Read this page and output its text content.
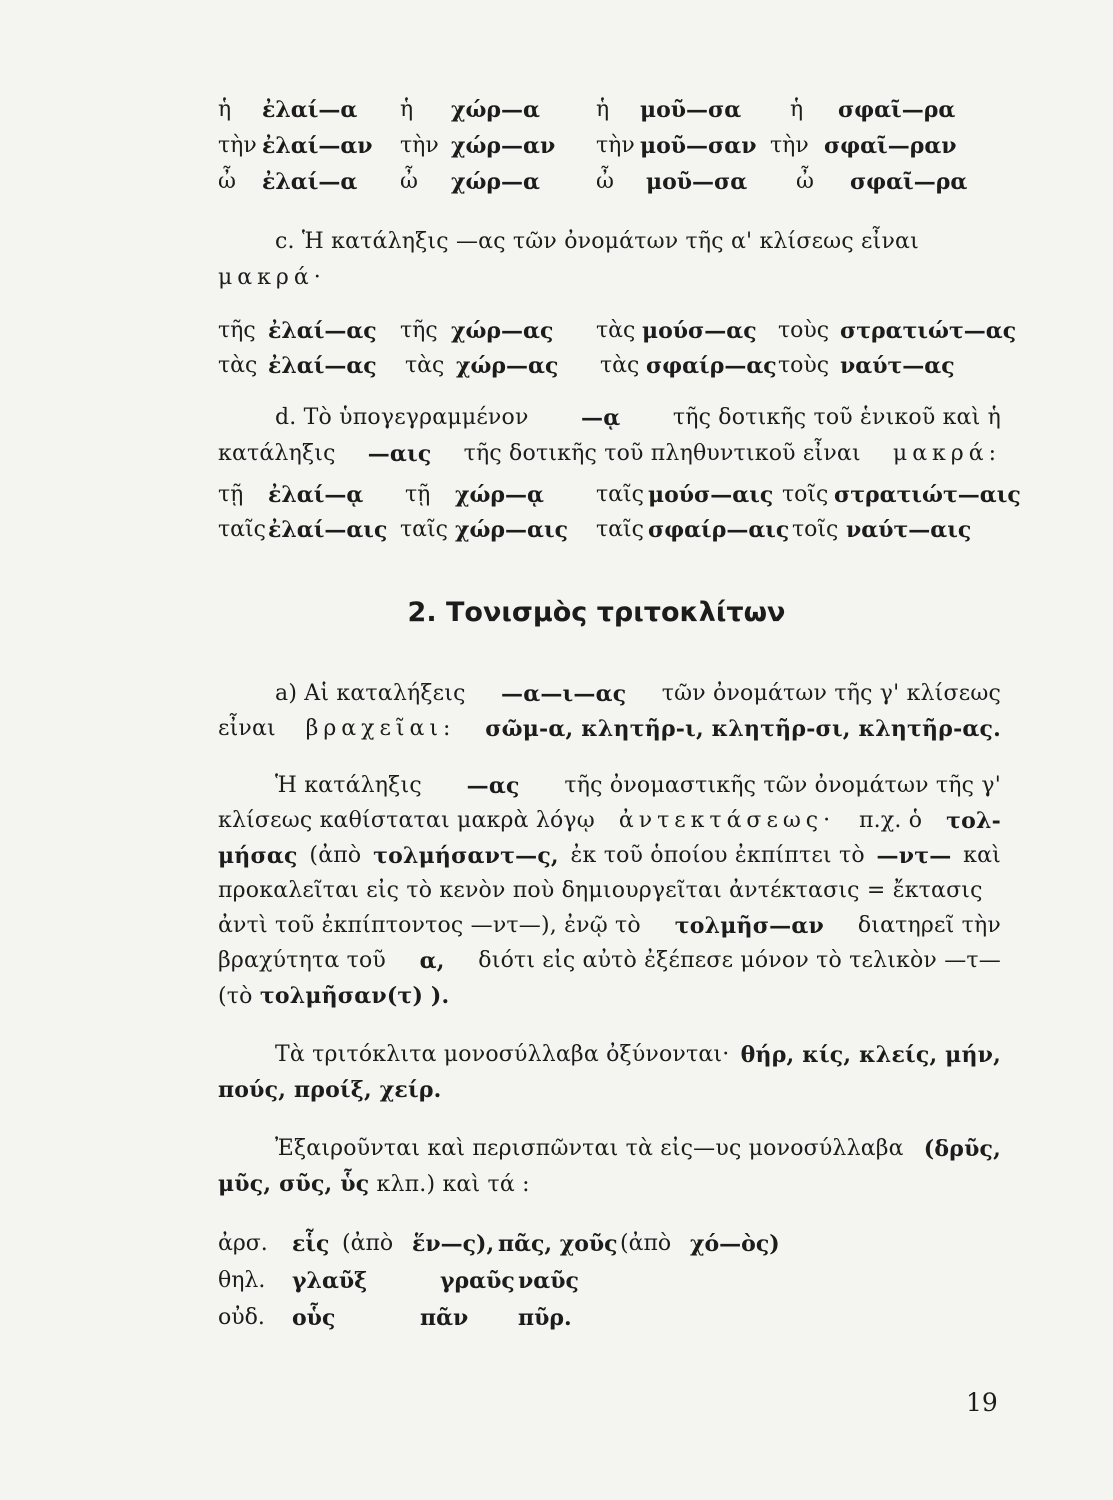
ἡ ἐλαί—α ἡ χώρ—α	ἡ μοῦ—σα ἡ σφαῖ—ρα
τὴν ἐλαί—αν τὴν χώρ—αν τὴν μοῦ—σαν τὴν σφαῖ—ραν
ὦ ἐλαί—α ὦ χώρ—α	ὦ μοῦ—σα ὦ σφαῖ—ρα
c. Ἡ κατάληξις —ας τῶν ὀνομάτων τῆς α' κλίσεως εἶναι
μακρά·
τῆς ἐλαί—ας τῆς χώρ—ας τὰς μούσ—ας τοὺς στρατιώτ—ας
τὰς ἐλαί—ας τὰς χώρ—ας τὰς σφαίρ—ας τοὺς ναύτ—ας
d. Τὸ ὑπογεγραμμένον —ᾳ τῆς δοτικῆς τοῦ ἑνικοῦ καὶ ἡ
κατάληξις —αις τῆς δοτικῆς τοῦ πληθυντικοῦ εἶναι μακρά:
τῇ ἐλαί—ᾳ τῇ χώρ—ᾳ ταῖς μούσ—αις τοῖς στρατιώτ—αις
ταῖς ἐλαί—αις ταῖς χώρ—αις ταῖς σφαίρ—αις τοῖς ναύτ—αις
2. Τονισμὸς τριτοκλίτων
a) Αἱ καταλήξεις —α—ι—ας τῶν ὀνομάτων τῆς γ' κλίσεως
εἶναι βραχεῖαι: σῶμ-α, κλητῆρ-ι, κλητῆρ-σι, κλητῆρ-ας.
Ἡ κατάληξις —ας τῆς ὀνομαστικῆς τῶν ὀνομάτων τῆς γ'
κλίσεως καθίσταται μακρὰ λόγῳ ἀντεκτάσεως· π.χ. ὁ τολ-
μήσας (ἀπὸ τολμήσαντ—ς, ἐκ τοῦ ὁποίου ἐκπίπτει τὸ —ντ— καὶ
προκαλεῖται εἰς τὸ κενὸν ποὺ δημιουργεῖται ἀντέκτασις = ἔκτασις
ἀντὶ τοῦ ἐκπίπτοντος —ντ—), ἐνῷ τὸ τολμῆσ—αν διατηρεῖ τὴν
βραχύτητα τοῦ α, διότι εἰς αὐτὸ ἐξέπεσε μόνον τὸ τελικὸν —τ—
(τὸ τολμῆσαν(τ) ).
Τὰ τριτόκλιτα μονοσύλλαβα ὀξύνονται· θήρ, κίς, κλείς, μήν,
πούς, προίξ, χείρ.
Ἐξαιροῦνται καὶ περισπῶνται τὰ εἰς—υς μονοσύλλαβα (δρῦς,
μῦς, σῦς, ὗς κλπ.) καὶ τά :
ἀρσ. εἷς (ἀπὸ ἕν—ς), πᾶς, χοῦς (ἀπὸ χό—ὸς)
θηλ. γλαῦξ	γραῦς ναῦς
οὐδ. οὗς	πᾶν πῦρ.
19
